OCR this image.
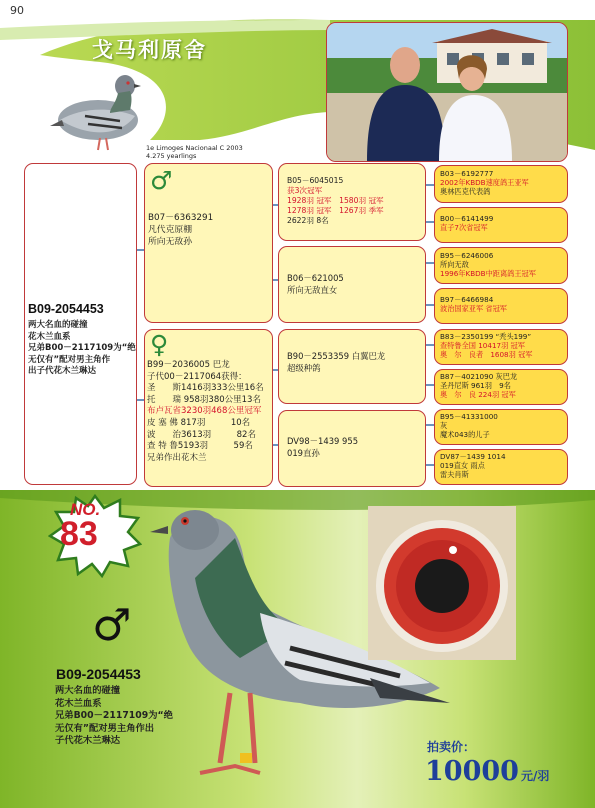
90
戈马利原舍
1e Limoges Nacionaal C 2003
4.275 yearlings
B09-2054453
两大名血的碰撞
花木兰血系
兄弟B00－2117109为“绝
无仅有”配对男主角作
出子代花木兰琳达
♂
B07－6363291
凡代克原棚
所向无敌孙
♀
B99－2036005 巴龙
子代00－2117064获得：
圣　　斯1416羽333公里16名
托　　瑞 958羽380公里13名
布卢瓦省3230羽468公里冠军
皮 塞 佛 817羽　　　10名
波　　治3613羽　　　82名
查 特 鲁5193羽　　　59名
兄弟作出花木兰
B05－6045015
获3次冠军
1928羽 冠军　1580羽 冠军
1278羽 冠军　1267羽 季军
2622羽 8名
B06－621005
所向无敌直女
B90－2553359 白翼巴龙
超级种鸽
DV98－1439 955
019直孙
B03－6192777
2002年KBDB速度鸽王亚军
奥林匹克代表鸽
B00－6141499
直子7次省冠军
B95－6246006
所向无敌
1996年KBDB中距离鸽王冠军
B97－6466984
波治国家亚军 省冠军
B83－2350199 “秃头199”
查特鲁全国 10417羽 冠军
奥　尔　良者　1608羽 冠军
B87－4021090 灰巴龙
圣丹尼斯 961羽　9名
奥　尔　良 224羽 冠军
B95－41331000
灰
魔术043的儿子
DV87－1439 1014
019直女 雨点
雷夫肖斯
NO.
83
♂
B09-2054453
两大名血的碰撞
花木兰血系
兄弟B00－2117109为“绝
无仅有”配对男主角作出
子代花木兰琳达	拍卖价：
10000 元/羽
